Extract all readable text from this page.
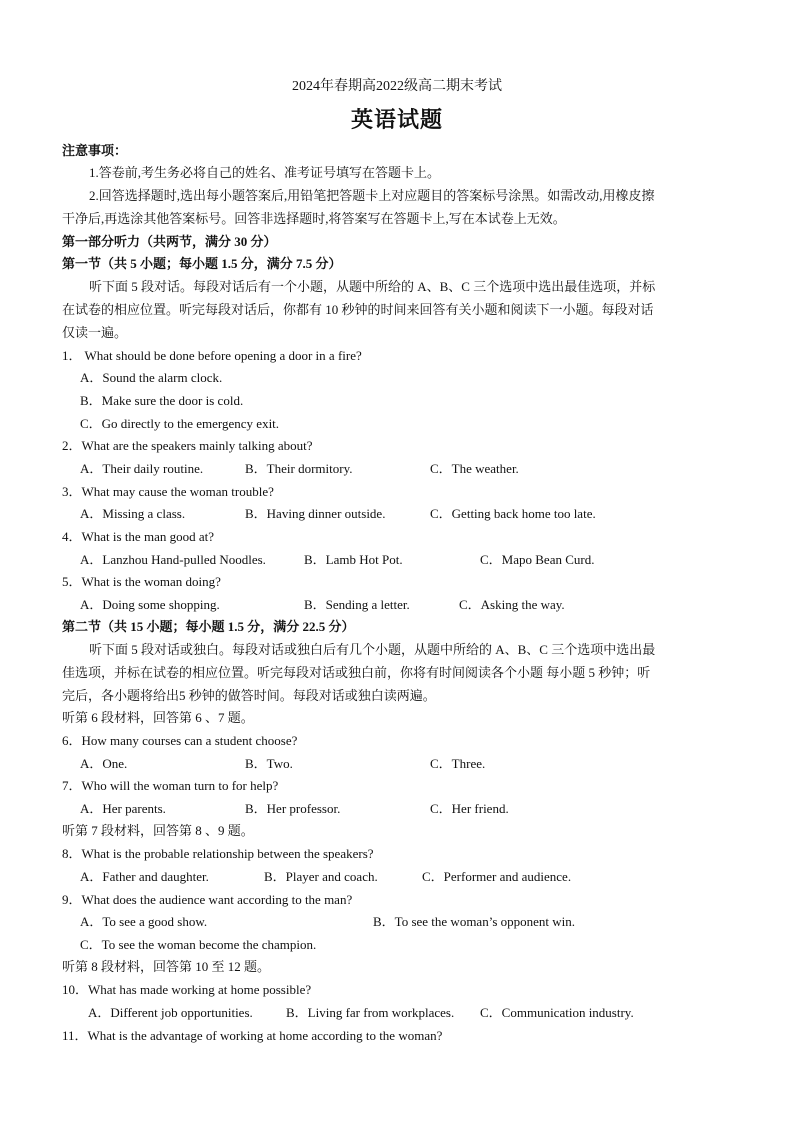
2024年春期高2022级高二期末考试
英语试题
注意事项：
1.答卷前,考生务必将自己的姓名、准考证号填写在答题卡上。
2.回答选择题时,选出每小题答案后,用铅笔把答题卡上对应题目的答案标号涂黑。如需改动,用橡皮擦
干净后,再选涂其他答案标号。回答非选择题时,将答案写在答题卡上,写在本试卷上无效。
第一部分听力（共两节，满分 30 分）
第一节（共 5 小题；每小题 1.5 分，满分 7.5 分）
听下面 5 段对话。每段对话后有一个小题，从题中所给的 A、B、C 三个选项中选出最佳选项，并标
在试卷的相应位置。听完每段对话后，你都有 10 秒钟的时间来回答有关小题和阅读下一小题。每段对话
仅读一遍。
1． What should be done before opening a door in a fire?
A．Sound the alarm clock.
B．Make sure the door is cold.
C．Go directly to the emergency exit.
2．What are the speakers mainly talking about?
A．Their daily routine.	B．Their dormitory.	C．The weather.
3．What may cause the woman trouble?
A．Missing a class.	B．Having dinner outside.	C．Getting back home too late.
4．What is the man good at?
A．Lanzhou Hand-pulled Noodles.	B．Lamb Hot Pot.	C．Mapo Bean Curd.
5．What is the woman doing?
A．Doing some shopping.	B．Sending a letter.	C．Asking the way.
第二节（共 15 小题；每小题 1.5 分，满分 22.5 分）
听下面 5 段对话或独白。每段对话或独白后有几个小题，从题中所给的 A、B、C 三个选项中选出最
佳选项，并标在试卷的相应位置。听完每段对话或独白前，你将有时间阅读各个小题 每小题 5 秒钟；听
完后，各小题将给出5 秒钟的做答时间。每段对话或独白读两遍。
听第 6 段材料，回答第 6 、7 题。
6．How many courses can a student choose?
A．One.	B．Two.	C．Three.
7．Who will the woman turn to for help?
A．Her parents.	B．Her professor.	C．Her friend.
听第 7 段材料，回答第 8 、9 题。
8．What is the probable relationship between the speakers?
A．Father and daughter.	B．Player and coach.	C．Performer and audience.
9．What does the audience want according to the man?
A．To see a good show.	B．To see the woman’s opponent win.
C．To see the woman become the champion.
听第 8 段材料，回答第 10 至 12 题。
10．What has made working at home possible?
A．Different job opportunities.	B．Living far from workplaces. C．Communication industry.
11．What is the advantage of working at home according to the woman?
